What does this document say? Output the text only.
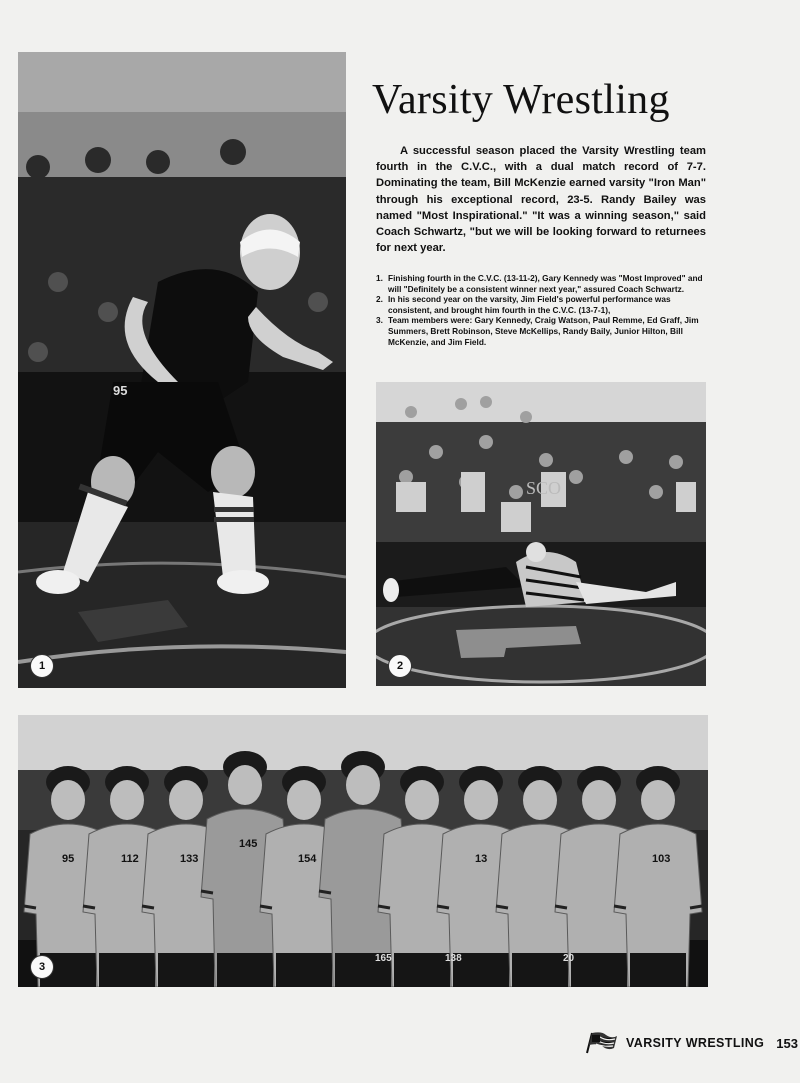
95
1
Varsity Wrestling

A successful season placed the Varsity Wrestling team fourth in the C.V.C., with a dual match record of 7-7. Dominating the team, Bill McKenzie earned varsity "Iron Man" through his exceptional record, 23-5. Randy Bailey was named "Most Inspirational." "It was a winning season," said Coach Schwartz, "but we will be looking forward to returnees for next year.

1. Finishing fourth in the C.V.C. (13-11-2), Gary Kennedy was "Most Improved" and will "Definitely be a consistent winner next year," assured Coach Schwartz.
2. In his second year on the varsity, Jim Field's powerful performance was consistent, and brought him fourth in the C.V.C. (13-7-1),
3. Team members were: Gary Kennedy, Craig Watson, Paul Remme, Ed Graff, Jim Summers, Brett Robinson, Steve McKellips, Randy Baily, Junior Hilton, Bill McKenzie, and Jim Field.
SCO
2
95	112	133
145
154	13	103
165	138	20
3
VARSITY WRESTLING 153
